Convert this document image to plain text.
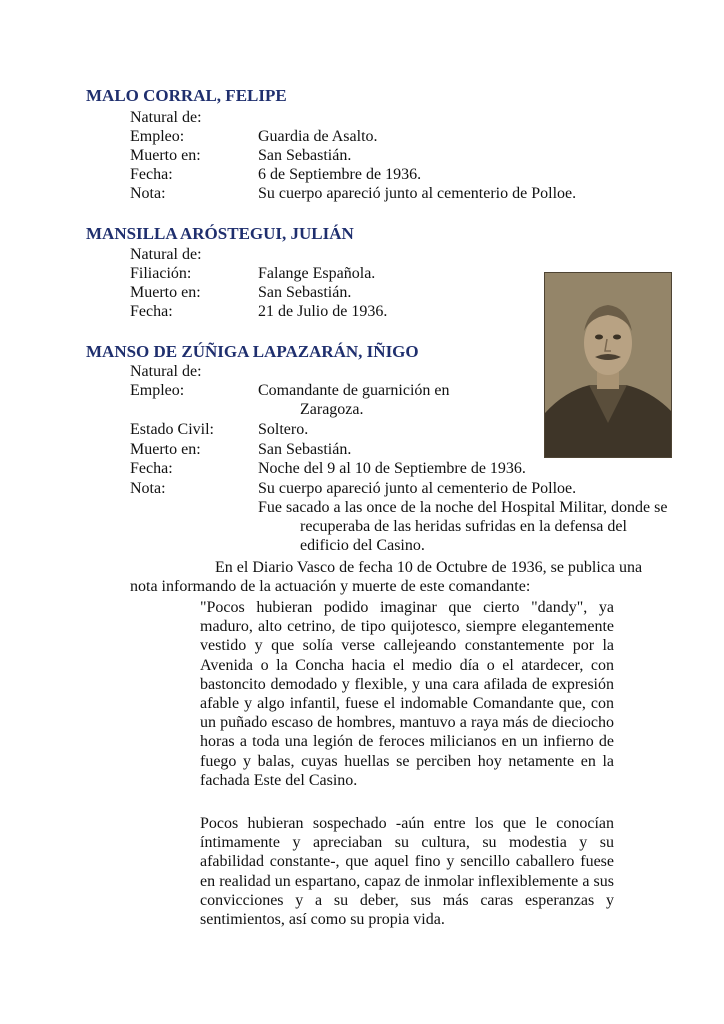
MALO CORRAL, FELIPE
Natural de:
Empleo:	Guardia de Asalto.
Muerto en:	San Sebastián.
Fecha:	6 de Septiembre de 1936.
Nota:	Su cuerpo apareció junto al cementerio de Polloe.
MANSILLA ARÓSTEGUI, JULIÁN
Natural de:
Filiación:	Falange Española.
Muerto en:	San Sebastián.
Fecha:	21 de Julio de 1936.
MANSO DE ZÚÑIGA LAPAZARÁN, IÑIGO
Natural de:
Empleo:	Comandante de guarnición en
Zaragoza.
Estado Civil:	Soltero.
Muerto en:	San Sebastián.
Fecha:	Noche del 9 al 10 de Septiembre de 1936.
Nota:	Su cuerpo apareció junto al cementerio de Polloe.
Fue sacado a las once de la noche del Hospital Militar, donde se
recuperaba de las heridas sufridas en la defensa del
edificio del Casino.
En el Diario Vasco de fecha 10 de Octubre de 1936, se publica una
nota informando de la actuación y muerte de este comandante:

"Pocos hubieran podido imaginar que cierto "dandy", ya maduro, alto cetrino, de tipo quijotesco, siempre elegantemente vestido y que solía verse callejeando constantemente por la Avenida o la Concha hacia el medio día o el atardecer, con bastoncito demodado y flexible, y una cara afilada de expresión afable y algo infantil, fuese el indomable Comandante que, con un puñado escaso de hombres, mantuvo a raya más de dieciocho horas a toda una legión de feroces milicianos en un infierno de fuego y balas, cuyas huellas se perciben hoy netamente en la fachada Este del Casino.

Pocos hubieran sospechado -aún entre los que le conocían íntimamente y apreciaban su cultura, su modestia y su afabilidad constante-, que aquel fino y sencillo caballero fuese en realidad un espartano, capaz de inmolar inflexiblemente a sus convicciones y a su deber, sus más caras esperanzas y sentimientos, así como su propia vida.
